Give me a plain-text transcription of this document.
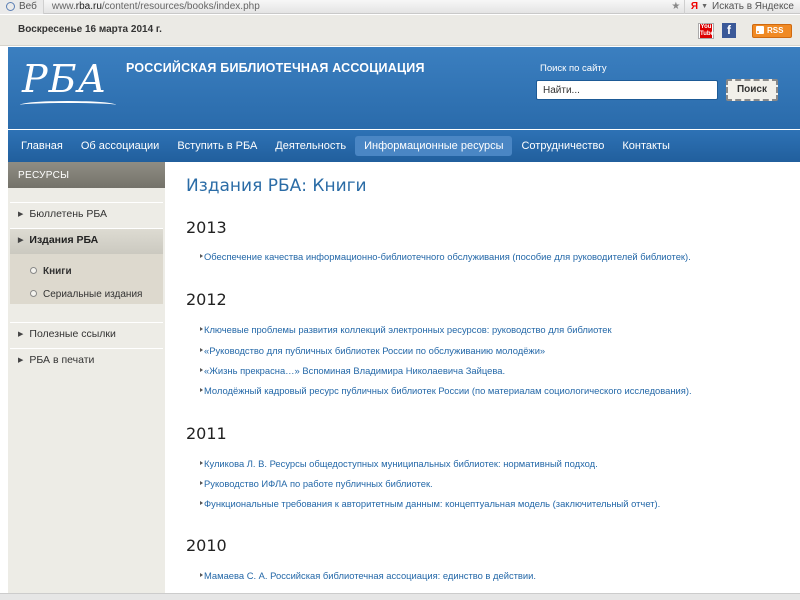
Веб	www.rba.ru/content/resources/books/index.php	★	Я ▼ Искать в Яндексе
Воскресенье 16 марта 2014 г.	You
Tube	f	RSS
РБА РОССИЙСКАЯ БИБЛИОТЕЧНАЯ АССОЦИАЦИЯ	Поиск по сайту
Найти...
Поиск
Главная	Об ассоциации	Вступить в РБА	Деятельность	Информационные ресурсы	Сотрудничество	Контакты
РЕСУРСЫ
▶ Бюллетень РБА
▶ Издания РБА
Книги
Сериальные издания
▶ Полезные ссылки
▶ РБА в печати
Издания РБА: Книги
2013
Обеспечение качества информационно-библиотечного обслуживания (пособие для руководителей библиотек).
2012
Ключевые проблемы развития коллекций электронных ресурсов: руководство для библиотек
«Руководство для публичных библиотек России по обслуживанию молодёжи»
«Жизнь прекрасна…» Вспоминая Владимира Николаевича Зайцева.
Молодёжный кадровый ресурс публичных библиотек России (по материалам социологического исследования).
2011
Куликова Л. В. Ресурсы общедоступных муниципальных библиотек: нормативный подход.
Руководство ИФЛА по работе публичных библиотек.
Функциональные требования к авторитетным данным: концептуальная модель (заключительный отчет).
2010
Мамаева С. А. Российская библиотечная ассоциация: единство в действии.
